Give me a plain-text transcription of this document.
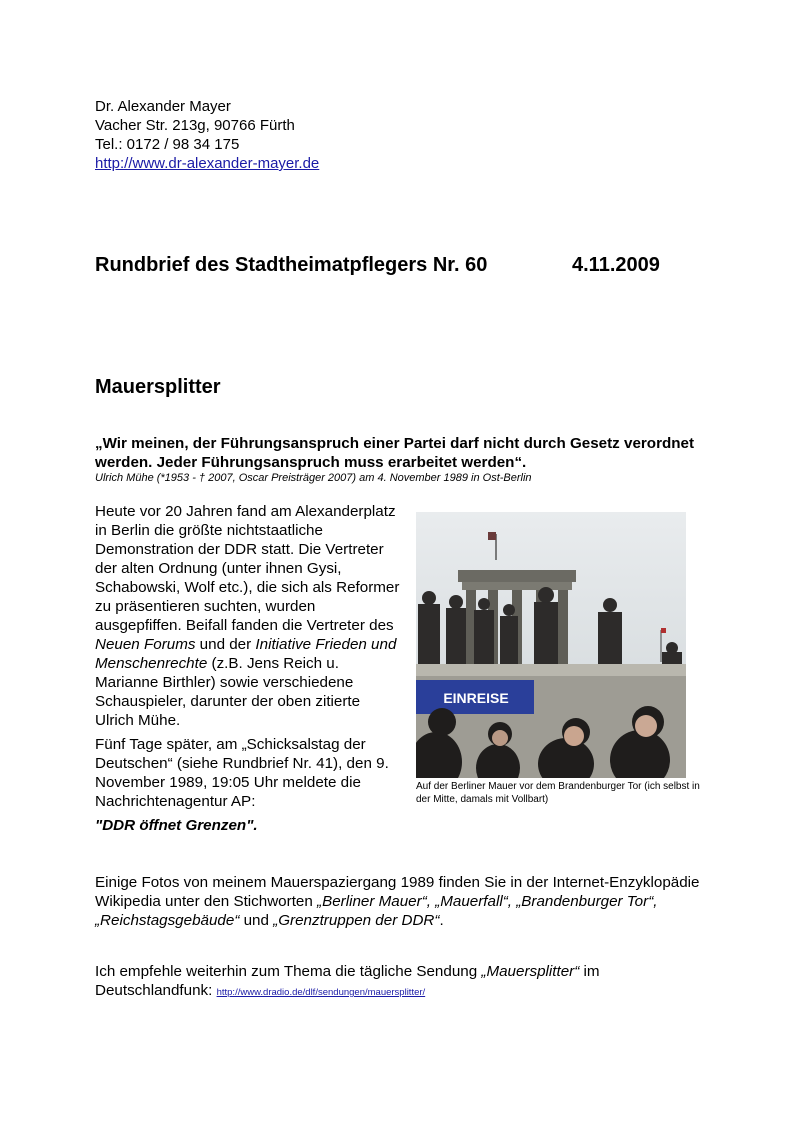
Dr. Alexander Mayer
Vacher Str. 213g, 90766 Fürth
Tel.: 0172 / 98 34 175
http://www.dr-alexander-mayer.de
Rundbrief des Stadtheimatpflegers Nr. 60	4.11.2009
Mauersplitter
„Wir meinen, der Führungsanspruch einer Partei darf nicht durch Gesetz verordnet werden. Jeder Führungsanspruch muss erarbeitet werden“.
Ulrich Mühe (*1953 - † 2007, Oscar Preisträger 2007) am 4. November 1989 in Ost-Berlin

Heute vor 20 Jahren fand am Alexanderplatz in Berlin die größte nichtstaatliche Demonstration der DDR statt. Die Vertreter der alten Ordnung (unter ihnen Gysi, Schabowski, Wolf etc.), die sich als Reformer zu präsentieren suchten, wurden ausgepfiffen. Beifall fanden die Vertreter des Neuen Forums und der Initiative Frieden und Menschenrechte (z.B. Jens Reich u. Marianne Birthler) sowie verschiedene Schauspieler, darunter der oben zitierte Ulrich Mühe.

Fünf Tage später, am „Schicksalstag der Deutschen“ (siehe Rundbrief Nr. 41), den 9. November 1989, 19:05 Uhr meldete die Nachrichtenagentur AP:

"DDR öffnet Grenzen".
EINREISE
Auf der Berliner Mauer vor dem Brandenburger Tor (ich selbst in der Mitte, damals mit Vollbart)
Einige Fotos von meinem Mauerspaziergang 1989 finden Sie in der Internet-Enzyklopädie Wikipedia unter den Stichworten „Berliner Mauer“, „Mauerfall“, „Brandenburger Tor“, „Reichstagsgebäude“ und „Grenztruppen der DDR“.
Ich empfehle weiterhin zum Thema die tägliche Sendung „Mauersplitter“ im Deutschlandfunk: http://www.dradio.de/dlf/sendungen/mauersplitter/
